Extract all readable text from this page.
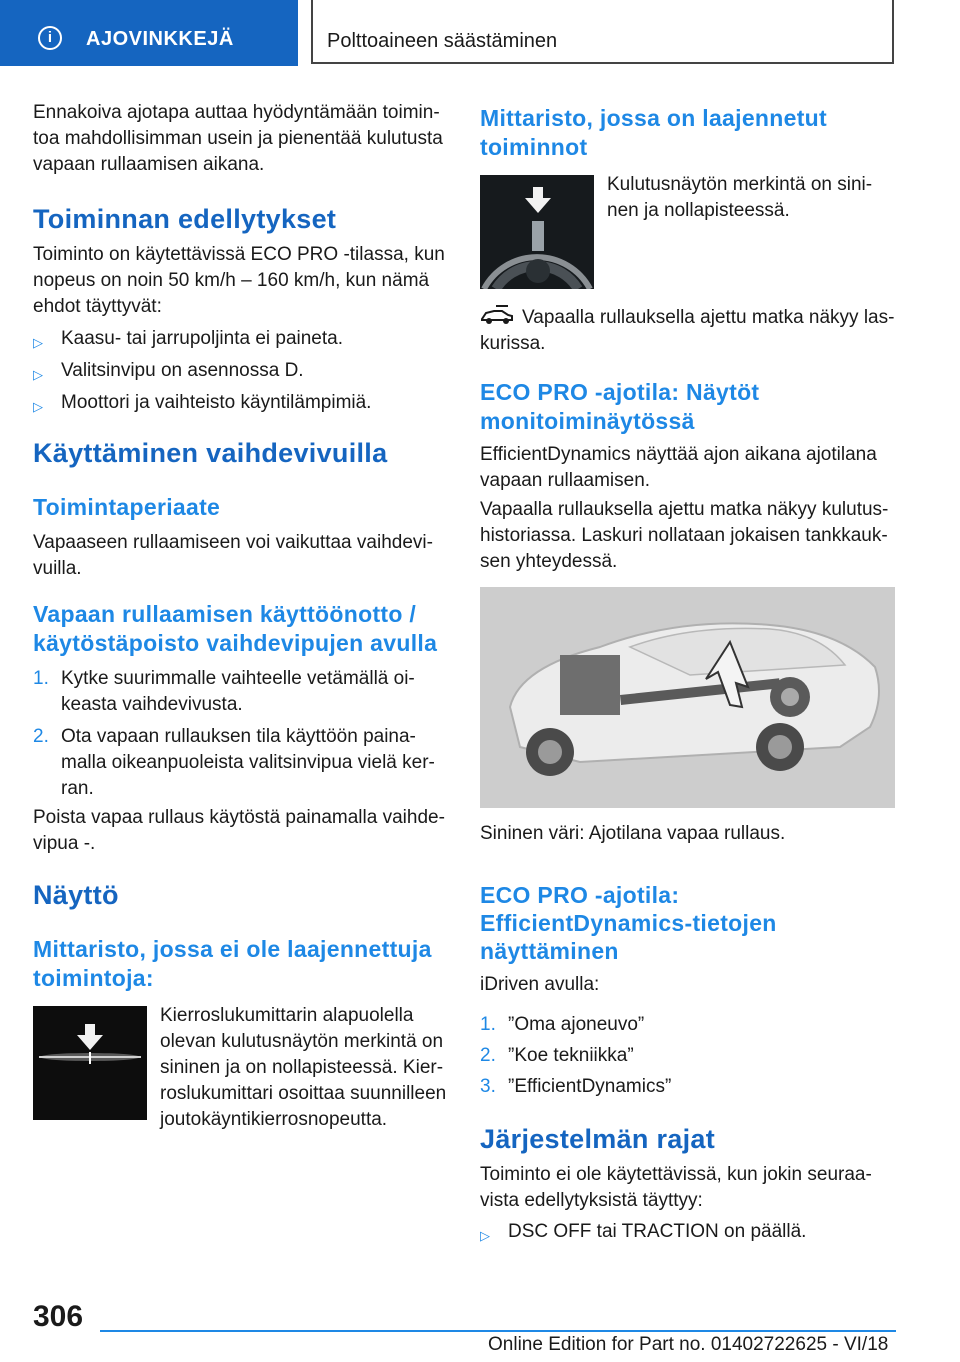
i	AJOVINKKEJÄ	Polttoaineen säästäminen
Ennakoiva ajotapa auttaa hyödyntämään toimin-
toa mahdollisimman usein ja pienentää kulutusta
vapaan rullaamisen aikana.
Toiminnan edellytykset
Toiminto on käytettävissä ECO PRO -tilassa, kun
nopeus on noin 50 km/h – 160 km/h, kun nämä
ehdot täyttyvät:
▷ Kaasu- tai jarrupoljinta ei paineta.
▷ Valitsinvipu on asennossa D.
▷ Moottori ja vaihteisto käyntilämpimiä.
Käyttäminen vaihdevivuilla
Toimintaperiaate
Vapaaseen rullaamiseen voi vaikuttaa vaihdevi-
vuilla.
Vapaan rullaamisen käyttöönotto /
käytöstäpoisto vaihdevipujen avulla
1. Kytke suurimmalle vaihteelle vetämällä oi-
keasta vaihdevivusta.
2. Ota vapaan rullauksen tila käyttöön paina-
malla oikeanpuoleista valitsinvipua vielä ker-
ran.
Poista vapaa rullaus käytöstä painamalla vaihde-
vipua -.
Näyttö
Mittaristo, jossa ei ole laajennettuja
toimintoja:
Kierroslukumittarin alapuolella
olevan kulutusnäytön merkintä on
sininen ja on nollapisteessä. Kier-
roslukumittari osoittaa suunnilleen
joutokäyntikierrosnopeutta.
Mittaristo, jossa on laajennetut
toiminnot
Kulutusnäytön merkintä on sini-
nen ja nollapisteessä.
Vapaalla rullauksella ajettu matka näkyy las-
kurissa.
ECO PRO -ajotila: Näytöt
monitoiminäytössä
EfficientDynamics näyttää ajon aikana ajotilana
vapaan rullaamisen.
Vapaalla rullauksella ajettu matka näkyy kulutus-
historiassa. Laskuri nollataan jokaisen tankkauk-
sen yhteydessä.
Sininen väri: Ajotilana vapaa rullaus.
ECO PRO -ajotila:
EfficientDynamics-tietojen
näyttäminen
iDriven avulla:
1. ”Oma ajoneuvo”
2. ”Koe tekniikka”
3. ”EfficientDynamics”
Järjestelmän rajat
Toiminto ei ole käytettävissä, kun jokin seuraa-
vista edellytyksistä täyttyy:
▷ DSC OFF tai TRACTION on päällä.
306
Online Edition for Part no. 01402722625 - VI/18
